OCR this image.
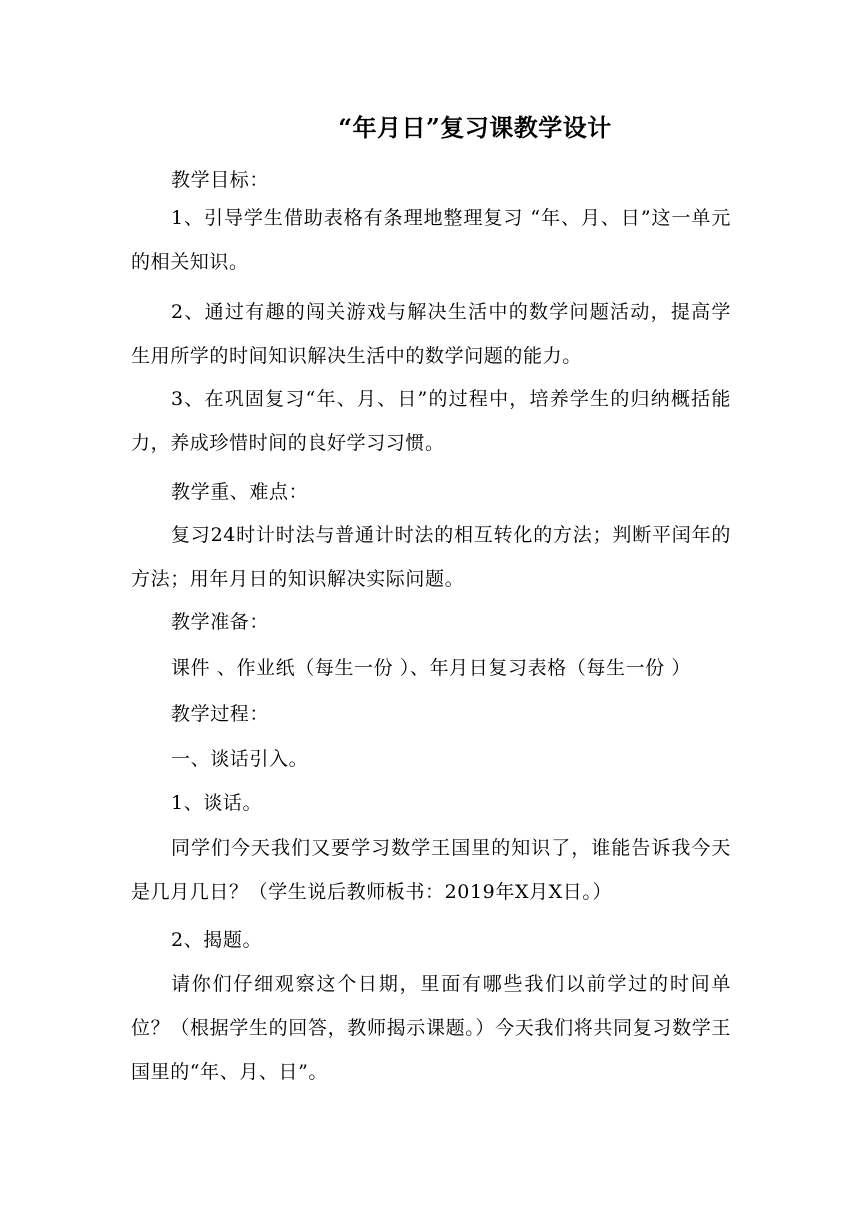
“年月日”复习课教学设计

教学目标：

1、引导学生借助表格有条理地整理复习 “年、月、日”这一单元的相关知识。

2、通过有趣的闯关游戏与解决生活中的数学问题活动，提高学生用所学的时间知识解决生活中的数学问题的能力。

3、在巩固复习“年、月、日”的过程中，培养学生的归纳概括能力，养成珍惜时间的良好学习习惯。

教学重、难点：

复习24时计时法与普通计时法的相互转化的方法；判断平闰年的方法；用年月日的知识解决实际问题。

教学准备：

课件 、作业纸（每生一份 ）、年月日复习表格（每生一份 ）

教学过程：

一、谈话引入。

1、谈话。

同学们今天我们又要学习数学王国里的知识了，谁能告诉我今天是几月几日？（学生说后教师板书：2019年X月X日。）

2、揭题。

请你们仔细观察这个日期，里面有哪些我们以前学过的时间单位？（根据学生的回答，教师揭示课题。）今天我们将共同复习数学王国里的“年、月、日”。
